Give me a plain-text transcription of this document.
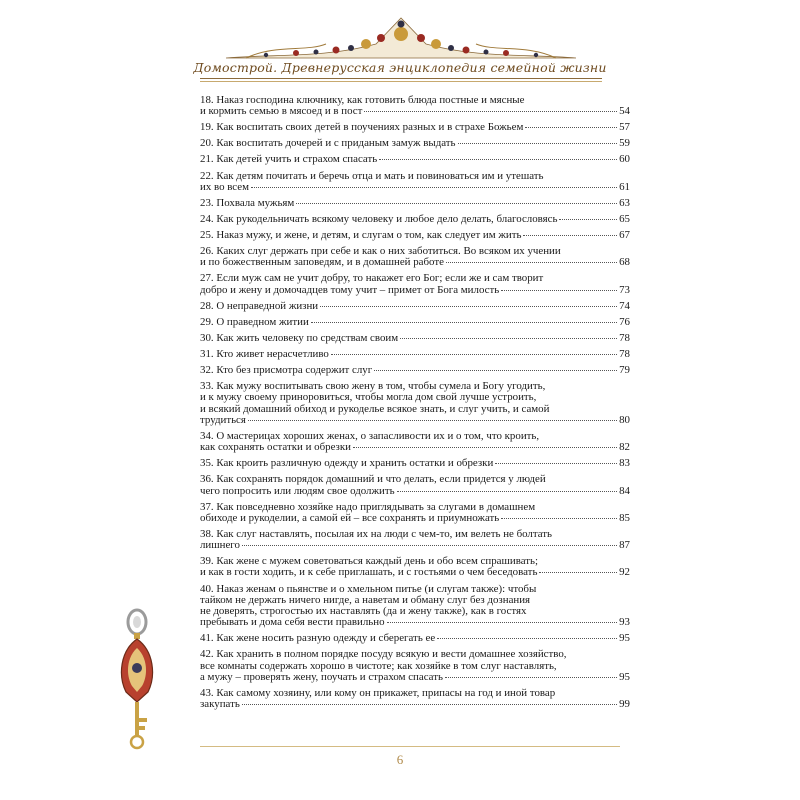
Домострой. Древнерусская энциклопедия семейной жизни
18. Наказ господина ключнику, как готовить блюда постные и мясные
и кормить семью в мясоед и в пост	54
19. Как воспитать своих детей в поучениях разных и в страхе Божьем	57
20. Как воспитать дочерей и с приданым замуж выдать	59
21. Как детей учить и страхом спасать	60
22. Как детям почитать и беречь отца и мать и повиноваться им и утешать
их во всем	61
23. Похвала мужьям	63
24. Как рукодельничать всякому человеку и любое дело делать, благословясь	65
25. Наказ мужу, и жене, и детям, и слугам о том, как следует им жить	67
26. Каких слуг держать при себе и как о них заботиться. Во всяком их учении
и по божественным заповедям, и в домашней работе	68
27. Если муж сам не учит добру, то накажет его Бог; если же и сам творит
добро и жену и домочадцев тому учит – примет от Бога милость	73
28. О неправедной жизни	74
29. О праведном житии	76
30. Как жить человеку по средствам своим	78
31. Кто живет нерасчетливо	78
32. Кто без присмотра содержит слуг	79
33. Как мужу воспитывать свою жену в том, чтобы сумела и Богу угодить,
и к мужу своему приноровиться, чтобы могла дом свой лучше устроить,
и всякий домашний обиход и рукоделье всякое знать, и слуг учить, и самой
трудиться	80
34. О мастерицах хороших женах, о запасливости их и о том, что кроить,
как сохранять остатки и обрезки	82
35. Как кроить различную одежду и хранить остатки и обрезки	83
36. Как сохранять порядок домашний и что делать, если придется у людей
чего попросить или людям свое одолжить	84
37. Как повседневно хозяйке надо приглядывать за слугами в домашнем
обиходе и рукоделии, а самой ей – все сохранять и приумножать	85
38. Как слуг наставлять, посылая их на люди с чем-то, им велеть не болтать
лишнего	87
39. Как жене с мужем советоваться каждый день и обо всем спрашивать;
и как в гости ходить, и к себе приглашать, и с гостьями о чем беседовать	92
40. Наказ женам о пьянстве и о хмельном питье (и слугам также): чтобы
тайком не держать ничего нигде, а наветам и обману слуг без дознания
не доверять, строгостью их наставлять (да и жену также), как в гостях
пребывать и дома себя вести правильно	93
41. Как жене носить разную одежду и сберегать ее	95
42. Как хранить в полном порядке посуду всякую и вести домашнее хозяйство,
все комнаты содержать хорошо в чистоте; как хозяйке в том слуг наставлять,
а мужу – проверять жену, поучать и страхом спасать	95
43. Как самому хозяину, или кому он прикажет, припасы на год и иной товар
закупать	99
6
